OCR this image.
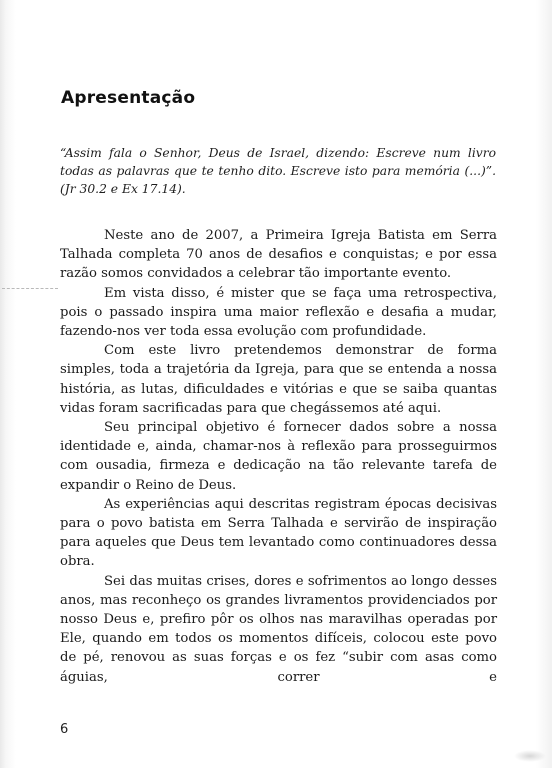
Apresentação

“Assim fala o Senhor, Deus de Israel, dizendo: Escreve num livro todas as palavras que te tenho dito. Escreve isto para memória (...)”. (Jr 30.2 e Ex 17.14).

Neste ano de 2007, a Primeira Igreja Batista em Serra Talhada completa 70 anos de desafios e conquistas; e por essa razão somos convidados a celebrar tão importante evento.

Em vista disso, é mister que se faça uma retrospectiva, pois o passado inspira uma maior reflexão e desafia a mudar, fazendo-nos ver toda essa evolução com profundidade.

Com este livro pretendemos demonstrar de forma simples, toda a trajetória da Igreja, para que se entenda a nossa história, as lutas, dificuldades e vitórias e que se saiba quantas vidas foram sacrificadas para que chegássemos até aqui.

Seu principal objetivo é fornecer dados sobre a nossa identidade e, ainda, chamar-nos à reflexão para prosseguirmos com ousadia, firmeza e dedicação na tão relevante tarefa de expandir o Reino de Deus.

As experiências aqui descritas registram épocas decisivas para o povo batista em Serra Talhada e servirão de inspiração para aqueles que Deus tem levantado como continuadores dessa obra.

Sei das muitas crises, dores e sofrimentos ao longo desses anos, mas reconheço os grandes livramentos providenciados por nosso Deus e, prefiro pôr os olhos nas maravilhas operadas por Ele, quando em todos os momentos difíceis, colocou este povo de pé, renovou as suas forças e os fez “subir com asas como águias, correr e

6
